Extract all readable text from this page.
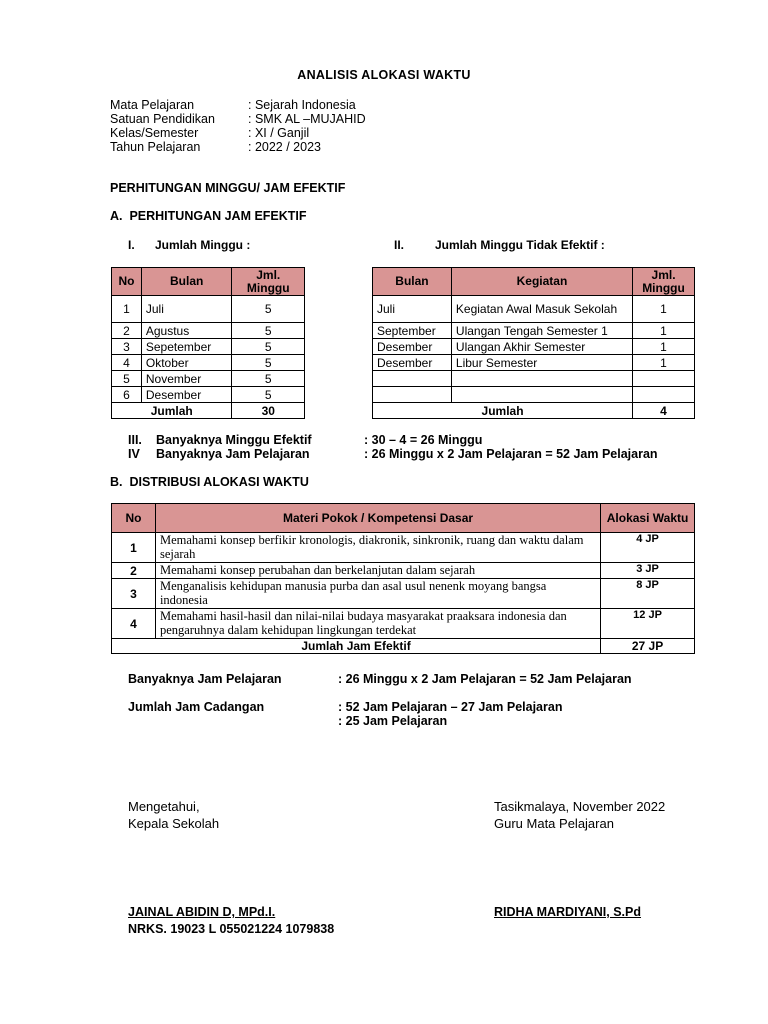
ANALISIS ALOKASI WAKTU
Mata Pelajaran	: Sejarah Indonesia
Satuan Pendidikan	: SMK AL –MUJAHID
Kelas/Semester	: XI / Ganjil
Tahun Pelajaran	: 2022 / 2023
PERHITUNGAN MINGGU/ JAM EFEKTIF
A. PERHITUNGAN JAM EFEKTIF
I. Jumlah Minggu :	II.	Jumlah Minggu Tidak Efektif :
No	Bulan	Jml. Minggu
1	Juli	5
2	Agustus	5
3	Sepetember	5
4	Oktober	5
5	November	5
6	Desember	5
Jumlah		30
Bulan	Kegiatan	Jml. Minggu
Juli	Kegiatan Awal Masuk Sekolah	1
September	Ulangan Tengah Semester 1	1
Desember	Ulangan Akhir Semester	1
Desember	Libur Semester	1

Jumlah		4
III.	Banyaknya Minggu Efektif	: 30 – 4 = 26 Minggu
IV	Banyaknya Jam Pelajaran	: 26 Minggu x 2 Jam Pelajaran = 52 Jam Pelajaran
B. DISTRIBUSI ALOKASI WAKTU
No	Materi Pokok / Kompetensi Dasar	Alokasi Waktu
1	Memahami konsep berfikir kronologis, diakronik, sinkronik, ruang dan waktu dalam sejarah	4 JP
2	Memahami konsep perubahan dan berkelanjutan dalam sejarah	3 JP
3	Menganalisis kehidupan manusia purba dan asal usul nenenk moyang bangsa indonesia	8 JP
4	Memahami hasil-hasil dan nilai-nilai budaya masyarakat praaksara indonesia dan pengaruhnya dalam kehidupan lingkungan terdekat	12 JP
Jumlah Jam Efektif		27 JP
Banyaknya Jam Pelajaran	: 26 Minggu x 2 Jam Pelajaran = 52 Jam Pelajaran
Jumlah Jam Cadangan	: 52 Jam Pelajaran – 27 Jam Pelajaran
: 25 Jam Pelajaran
Mengetahui,
Kepala Sekolah
Tasikmalaya, November 2022
Guru Mata Pelajaran
JAINAL ABIDIN D, MPd.I.
NRKS. 19023 L 055021224 1079838
RIDHA MARDIYANI, S.Pd
